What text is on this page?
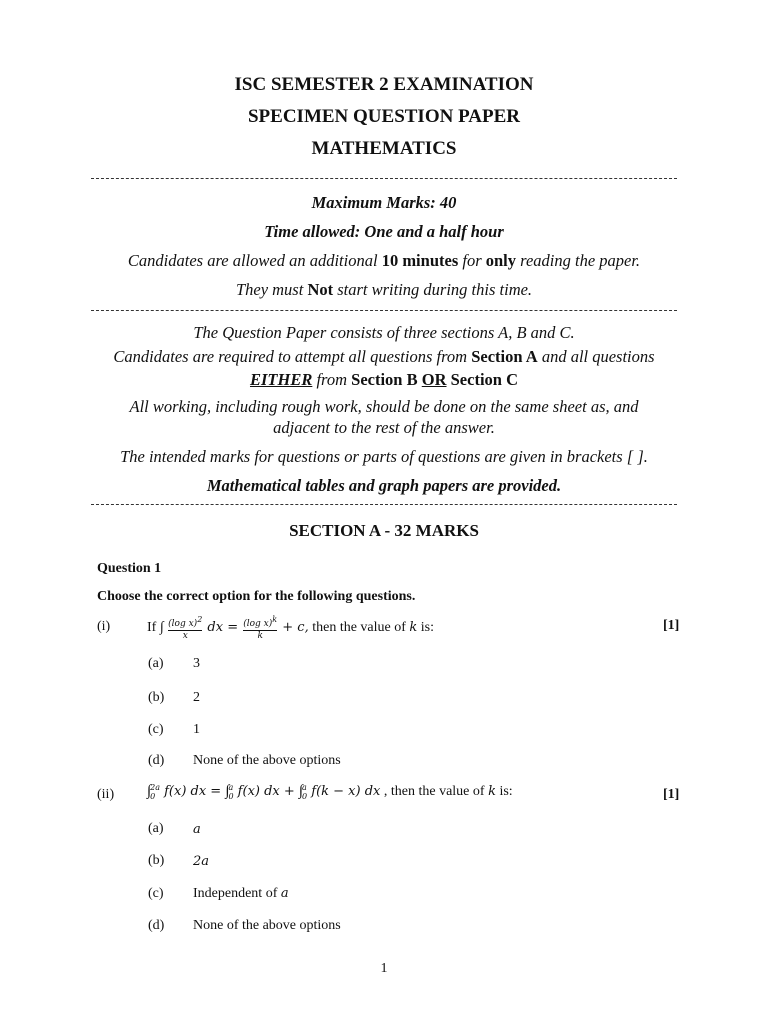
ISC SEMESTER 2 EXAMINATION
SPECIMEN QUESTION PAPER
MATHEMATICS
Maximum Marks: 40
Time allowed: One and a half hour
Candidates are allowed an additional 10 minutes for only reading the paper.
They must Not start writing during this time.
The Question Paper consists of three sections A, B and C.
Candidates are required to attempt all questions from Section A and all questions
EITHER from Section B OR Section C
All working, including rough work, should be done on the same sheet as, and
adjacent to the rest of the answer.
The intended marks for questions or parts of questions are given in brackets [ ].
Mathematical tables and graph papers are provided.
SECTION A - 32 MARKS
Question 1
Choose the correct option for the following questions.
(i)	If ∫ $\frac{\text{(log x)2}}{x}$ dx = $\frac{\text{(log x)k}}{k} + c$, then the value of k is:	[1]
(a) 3
(b) 2
(c) 1
(d) None of the above options
(ii) ∫ 2a
0 f(x) dx = ∫ a
0 f(x) dx + ∫ a
0 f(k − x) dx , then the value of k is:	[1]
(a) a
(b) 2a
(c) Independent of a
(d) None of the above options
1
